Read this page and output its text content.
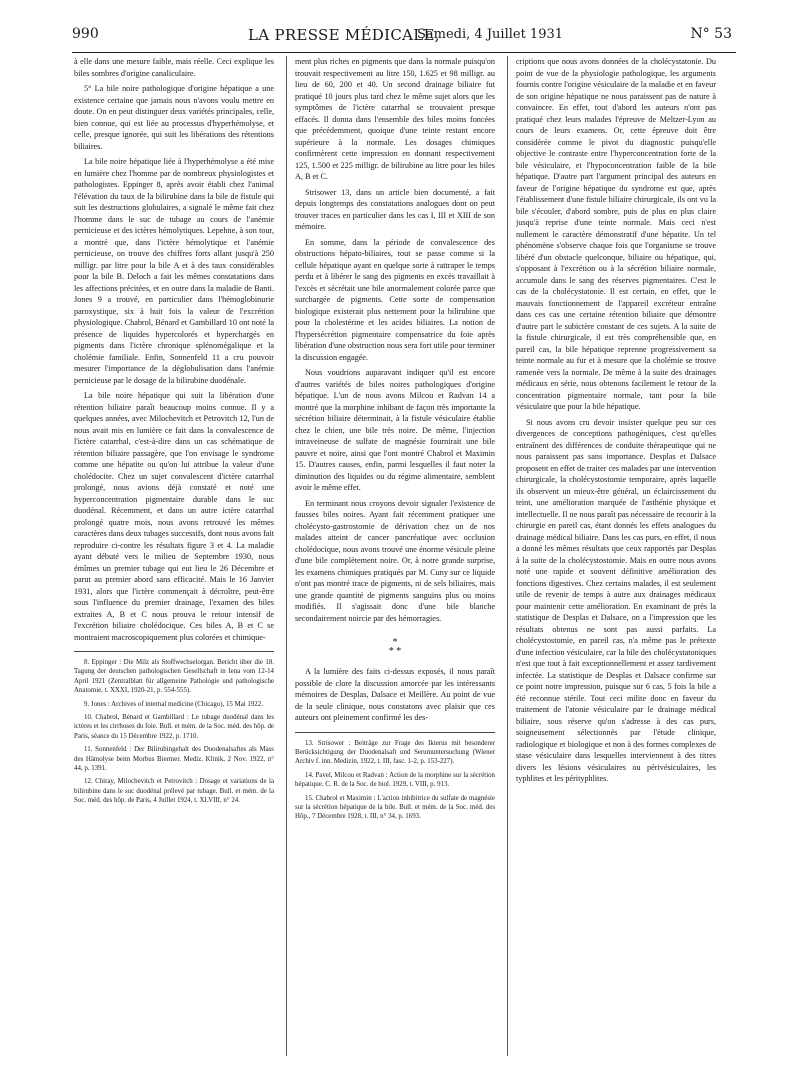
990	LA PRESSE MÉDICALE,
Samedi, 4 Juillet 1931	N° 53

à elle dans une mesure faible, mais réelle. Ceci explique les biles sombres d'origine canaliculaire.

5° La bile noire pathologique d'origine hépatique a une existence certaine que jamais nous n'avons voulu mettre en doute. On en peut distinguer deux variétés principales, celle, bien connue, qui est liée au processus d'hyperhémolyse, et celle, presque ignorée, qui suit les libérations des rétentions biliaires.

La bile noire hépatique liée à l'hyperhémolyse a été mise en lumière chez l'homme par de nombreux physiologistes et pathologistes. Eppinger 8, après avoir établi chez l'animal l'élévation du taux de la bilirubine dans la bile de fistule qui suit les destructions globulaires, a signalé le même fait chez l'homme dans le suc de tubage au cours de l'anémie pernicieuse et des ictères hémolytiques. Lepehne, à son tour, a montré que, dans l'ictère hémolytique et l'anémie pernicieuse, on trouve des chiffres forts allant jusqu'à 250 milligr. par litre pour la bile A et à des taux considérables pour la bile B. Deloch a fait les mêmes constatations dans les affections précitées, et en outre dans la maladie de Banti. Jones 9 a trouvé, en particulier dans l'hémoglobinurie paroxystique, six à huit fois la valeur de l'excrétion physiologique. Chabrol, Bénard et Gambillard 10 ont noté la présence de liquides hypercolorés et hyperchargés en pigments dans l'ictère chronique splénomégalique et la cholémie familiale. Enfin, Sonnenfeld 11 a cru pouvoir mesurer l'importance de la déglobulisation dans l'anémie pernicieuse par le dosage de la bilirubine duodénale.

La bile noire hépatique qui suit la libération d'une rétention biliaire paraît beaucoup moins connue. Il y a quelques années, avec Milochevitch et Petrovitch 12, l'un de nous avait mis en lumière ce fait dans la convalescence de l'ictère catarrhal, c'est-à-dire dans un cas schématique de rétention biliaire passagère, que l'on envisage le syndrome comme une hépatite ou qu'on lui attribue la valeur d'une cholédocite. Chez un sujet convalescent d'ictère catarrhal prolongé, nous avions déjà constaté et noté une hyperconcentration pigmentaire durable dans le suc duodénal. Récemment, et dans un autre ictère catarrhal prolongé quatre mois, nous avons retrouvé les mêmes caractères dans deux tubages successifs, dont nous avons fait reproduire ci-contre les résultats figure 3 et 4. La maladie ayant débuté vers le milieu de Septembre 1930, nous émîmes un premier tubage qui eut lieu le 26 Décembre et parut au premier abord sans efficacité. Mais le 16 Janvier 1931, alors que l'ictère commençait à décroître, peut-être sous l'influence du premier drainage, l'examen des biles extraites A, B et C nous prouva le retour intensif de l'excrétion biliaire cholédocique. Ces biles A, B et C se montraient macroscopiquement plus colorées et chimique-

8. Eppinger : Die Milz als Stoffwechselorgan. Bericht über die 18. Tagung der deutschen pathologischen Gesellschaft in Iena vom 12-14 April 1921 (Zentralblatt für allgemeine Pathologie und pathologische Anatomie, t. XXXI, 1920-21, p. 554-555).

9. Jones : Archives of internal medicine (Chicago), 15 Mai 1922.

10. Chabrol, Bénard et Gambillard : Le tubage duodénal dans les ictères et les cirrhoses du foie. Bull. et mém. de la Soc. méd. des hôp. de Paris, séance du 15 Décembre 1922, p. 1710.

11. Sonnenfeld : Der Bilirubingehalt des Duodenalsaftes als Mass des Hämolyse beim Morbus Biermer. Mediz. Klinik, 2 Nov. 1922, n° 44, p. 1391.

12. Chiray, Milochevitch et Petrovitch : Dosage et variations de la bilirubine dans le suc duodénal prélevé par tubage. Bull. et mém. de la Soc. méd. des hôp. de Paris, 4 Juillet 1924, t. XLVIII, n° 24.

ment plus riches en pigments que dans la normale puisqu'on trouvait respectivement au litre 150, 1.625 et 98 milligr. au lieu de 60, 200 et 40. Un second drainage biliaire fut pratiqué 10 jours plus tard chez le même sujet alors que les symptômes de l'ictère catarrhal se trouvaient presque effacés. Il donna dans l'ensemble des biles moins foncées que précédemment, quoique d'une teinte restant encore supérieure à la normale. Les dosages chimiques confirmèrent cette impression en donnant respectivement 125, 1.500 et 225 milligr. de bilirubine au litre pour les biles A, B et C.

Strisower 13, dans un article bien documenté, a fait depuis longtemps des constatations analogues dont on peut trouver traces en particulier dans les cas I, III et XIII de son mémoire.

En somme, dans la période de convalescence des obstructions hépato-biliaires, tout se passe comme si la cellule hépatique ayant en quelque sorte à rattraper le temps perdu et à libérer le sang des pigments en excès travaillait à l'excès et sécrétait une bile anormalement colorée parce que surchargée de pigments. Cette sorte de compensation biologique existerait plus nettement pour la bilirubine que pour la cholestérine et les acides biliaires. La notion de l'hypersécrétion pigmentaire compensatrice du foie après libération d'une obstruction nous sera fort utile pour terminer la discussion engagée.

Nous voudrions auparavant indiquer qu'il est encore d'autres variétés de biles noires pathologiques d'origine hépatique. L'un de nous avons Milcou et Radvan 14 a montré que la morphine inhibant de façon très importante la sécrétion biliaire déterminait, à la fistule vésiculaire établie chez le chien, une bile très noire. De même, l'injection intraveineuse de sulfate de magnésie fournirait une bile pauvre et noire, ainsi que l'ont montré Chabrol et Maximin 15. D'autres causes, enfin, parmi lesquelles il faut noter la diminution des liquides ou du régime alimentaire, semblent avoir le même effet.

En terminant nous croyons devoir signaler l'existence de fausses biles noires. Ayant fait récemment pratiquer une cholécysto-gastrostomie de dérivation chez un de nos malades atteint de cancer pancréatique avec occlusion cholédocique, nous avons trouvé une énorme vésicule pleine d'une bile complètement noire. Or, à notre grande surprise, les examens chimiques pratiqués par M. Cuny sur ce liquide n'ont pas montré trace de pigments, ni de sels biliaires, mais une grande quantité de pigments sanguins plus ou moins modifiés. Il s'agissait donc d'une bile blanche secondairement noircie par des hémorragies.

*
* *

A la lumière des faits ci-dessus exposés, il nous paraît possible de clore la discussion amorcée par les intéressants mémoires de Desplas, Dalsace et Meillère. Au point de vue de la seule clinique, nous constatons avec plaisir que ces auteurs ont pleinement confirmé les des-

13. Strisower : Beiträge zur Frage des Ikterus mit besonderer Berücksichtigung der Duodenalsaft und Serumuntersuchung (Wiener Archiv f. inn. Medizin, 1922, t. III, fasc. 1-2, p. 153-227).

14. Pavel, Milcou et Radvan : Action de la morphine sur la sécrétion hépatique. C. R. de la Soc. de biol. 1929, t. VIII, p. 913.

15. Chabrol et Maximin : L'action inhibitrice du sulfate de magnésie sur la sécrétion hépatique de la bile. Bull. et mém. de la Soc. méd. des Hôp., 7 Décembre 1928, t. III, n° 34, p. 1693.

criptions que nous avons données de la cholécystatonie. Du point de vue de la physiologie pathologique, les arguments fournis contre l'origine vésiculaire de la maladie et en faveur de son origine hépatique ne nous paraissent pas de nature à convaincre. En effet, tout d'abord les auteurs n'ont pas pratiqué chez leurs malades l'épreuve de Meltzer-Lyon au cours de leurs examens. Or, cette épreuve doit être considérée comme le pivot du diagnostic puisqu'elle objective le contraste entre l'hyperconcentration forte de la bile vésiculaire, et l'hypoconcentration faible de la bile hépatique. D'autre part l'argument principal des auteurs en faveur de l'origine hépatique du syndrome est que, après l'établissement d'une fistule biliaire chirurgicale, ils ont vu la bile s'écouler, d'abord sombre, puis de plus en plus claire jusqu'à reprise d'une teinte normale. Mais ceci n'est nullement le caractère démonstratif d'une hépatite. Un tel phénomène s'observe chaque fois que l'organisme se trouve libéré d'un obstacle quelconque, biliaire ou hépatique, qui, s'opposant à l'excrétion ou à la sécrétion biliaire normale, accumule dans le sang des réserves pigmentaires. C'est le cas de la cholécystatonie. Il est certain, en effet, que le mauvais fonctionnement de l'appareil excréteur entraîne dans ces cas une certaine rétention biliaire que démontre d'autre part le subictère constant de ces sujets. A la suite de la fistule chirurgicale, il est très compréhensible que, en pareil cas, la bile hépatique reprenne progressivement sa teinte normale au fur et à mesure que la cholémie se trouve ramenée vers la normale. De même à la suite des drainages médicaux en série, nous obtenons facilement le retour de la concentration pigmentaire normale, tant pour la bile vésiculaire que pour la bile hépatique.

Si nous avons cru devoir insister quelque peu sur ces divergences de conceptions pathogéniques, c'est qu'elles entraînent des différences de conduite thérapeutique qui ne nous paraissent pas sans importance. Desplas et Dalsace proposent en effet de traiter ces malades par une intervention chirurgicale, la cholécystostomie temporaire, après laquelle ils observent un mieux-être général, un éclaircissement du teint, une amélioration marquée de l'asthénie physique et intellectuelle. Il ne nous paraît pas nécessaire de recourir à la chirurgie en pareil cas, étant donnés les effets analogues du drainage médical biliaire. Dans les cas purs, en effet, il nous a donné les mêmes résultats que ceux rapportés par Desplas à la suite de la cholécystostomie. Mais en outre nous avons noté une rapide et souvent définitive amélioration des fonctions digestives. Chez certains malades, il est seulement utile de revenir de temps à autre aux drainages médicaux pour maintenir cette amélioration. En examinant de près la statistique de Desplas et Dalsace, on a l'impression que les résultats obtenus ne sont pas aussi parfaits. La cholécystostomie, en pareil cas, n'a même pas le prétexte d'une infection vésiculaire, car la bile des cholécystatoniques n'est que tout à fait exceptionnellement et assez tardivement infectée. La statistique de Desplas et Dalsace confirme sur ce point notre impression, puisque sur 6 cas, 5 fois la bile a été reconnue stérile. Tout ceci milite donc en faveur du traitement de l'atonie vésiculaire par le drainage médical biliaire, sous réserve qu'on s'adresse à des cas purs, soigneusement sélectionnés par l'étude clinique, radiologique et biologique et non à des formes complexes de stase vésiculaire dans lesquelles interviennent à des titres divers les lésions vésiculaires ou périvésiculaires, les typhlites et les pérityphlites.
